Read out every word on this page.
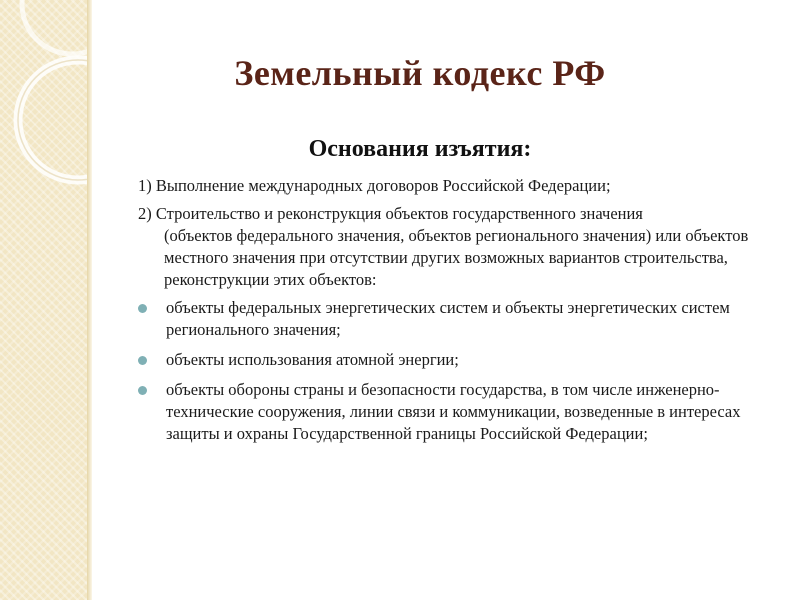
Земельный кодекс РФ
Основания изъятия:

1) Выполнение международных договоров Российской Федерации;

2) Строительство и реконструкция объектов государственного значения
(объектов федерального значения, объектов регионального значения) или объектов местного значения при отсутствии других возможных вариантов строительства, реконструкции этих объектов:

объекты федеральных энергетических систем и объекты энергетических систем регионального значения;
объекты использования атомной энергии;
объекты обороны страны и безопасности государства, в том числе инженерно-технические сооружения, линии связи и коммуникации, возведенные в интересах защиты и охраны Государственной границы Российской Федерации;
